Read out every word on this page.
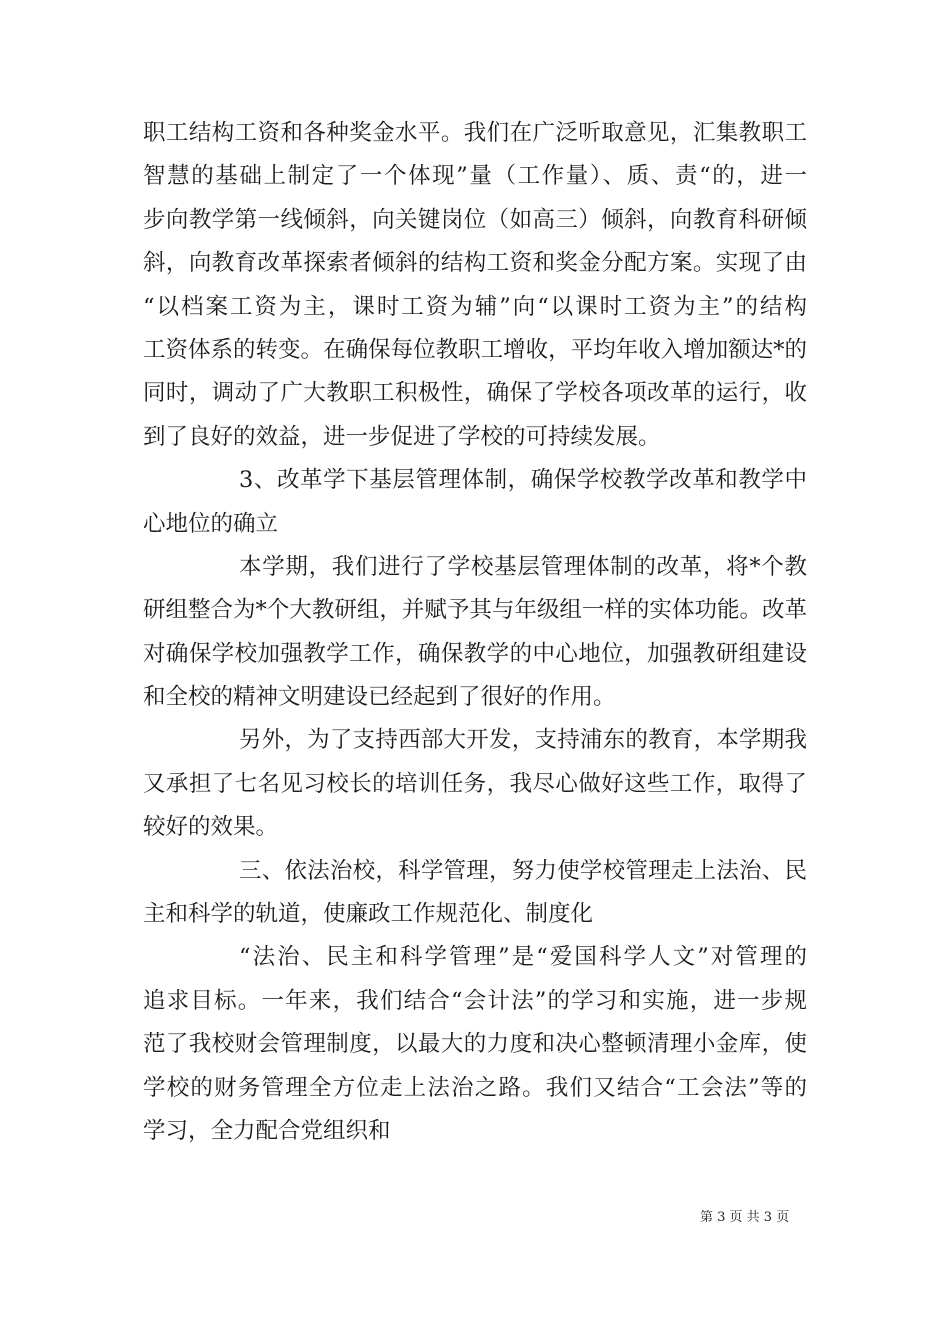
职工结构工资和各种奖金水平。我们在广泛听取意见，汇集教职工
智慧的基础上制定了一个体现”量（工作量）、质、责“的，进一
步向教学第一线倾斜，向关键岗位（如高三）倾斜，向教育科研倾
斜，向教育改革探索者倾斜的结构工资和奖金分配方案。实现了由
“以档案工资为主，课时工资为辅”向“以课时工资为主”的结构
工资体系的转变。在确保每位教职工增收，平均年收入增加额达*的
同时，调动了广大教职工积极性，确保了学校各项改革的运行，收
到了良好的效益，进一步促进了学校的可持续发展。
3、改革学下基层管理体制，确保学校教学改革和教学中
心地位的确立
本学期，我们进行了学校基层管理体制的改革，将*个教
研组整合为*个大教研组，并赋予其与年级组一样的实体功能。改革
对确保学校加强教学工作，确保教学的中心地位，加强教研组建设
和全校的精神文明建设已经起到了很好的作用。
另外，为了支持西部大开发，支持浦东的教育，本学期我
又承担了七名见习校长的培训任务，我尽心做好这些工作，取得了
较好的效果。
三、依法治校，科学管理，努力使学校管理走上法治、民
主和科学的轨道，使廉政工作规范化、制度化
“法治、民主和科学管理”是“爱国科学人文”对管理的
追求目标。一年来，我们结合“会计法”的学习和实施，进一步规
范了我校财会管理制度，以最大的力度和决心整顿清理小金库，使
学校的财务管理全方位走上法治之路。我们又结合“工会法”等的
学习，全力配合党组织和
第 3 页 共 3 页
